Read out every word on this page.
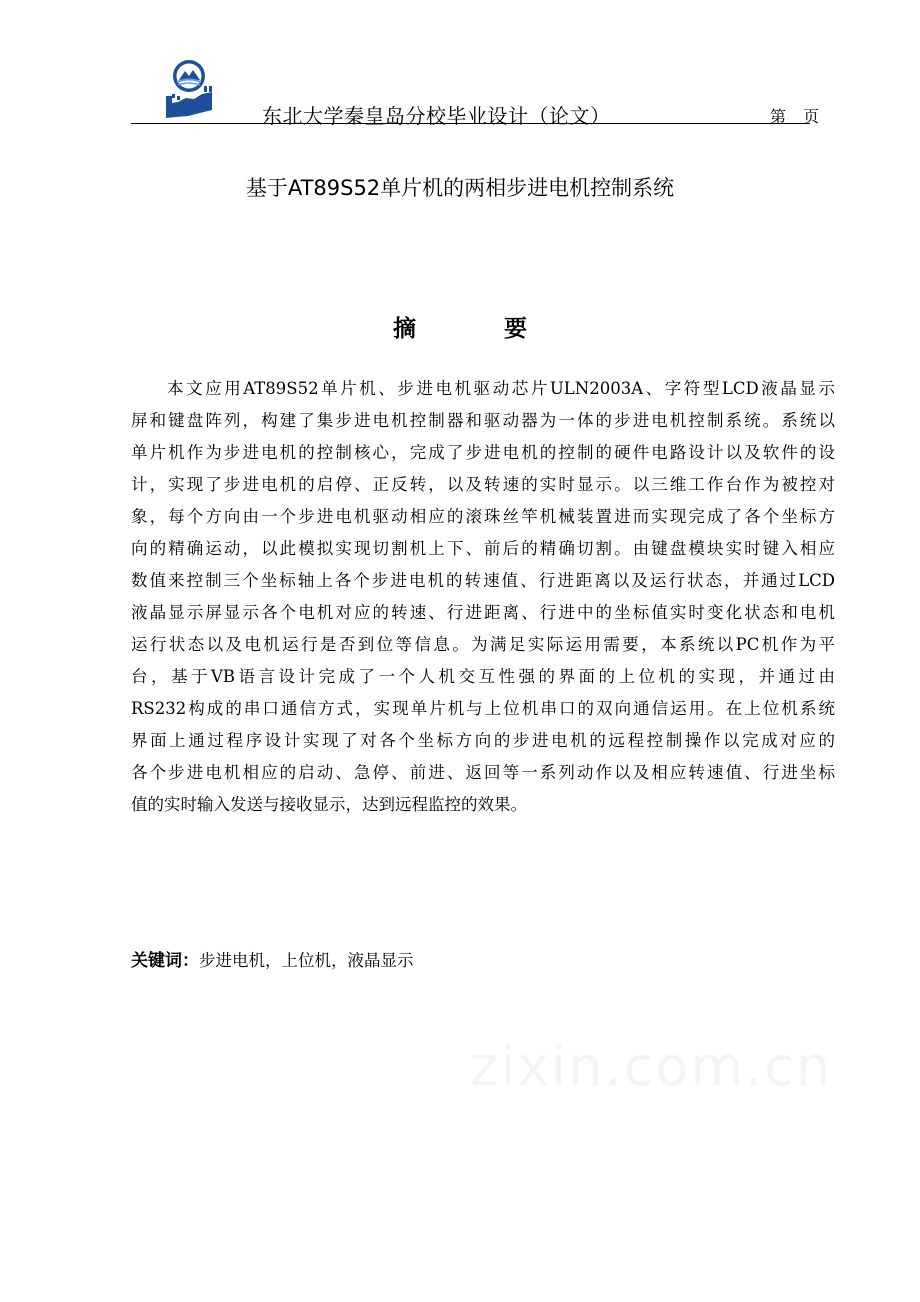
东北大学秦皇岛分校毕业设计（论文）	第 页
基于AT89S52单片机的两相步进电机控制系统
摘 要
本文应用AT89S52单片机、步进电机驱动芯片ULN2003A、字符型LCD液晶显示
屏和键盘阵列，构建了集步进电机控制器和驱动器为一体的步进电机控制系统。系统以
单片机作为步进电机的控制核心，完成了步进电机的控制的硬件电路设计以及软件的设
计，实现了步进电机的启停、正反转，以及转速的实时显示。以三维工作台作为被控对
象，每个方向由一个步进电机驱动相应的滚珠丝竿机械装置进而实现完成了各个坐标方
向的精确运动，以此模拟实现切割机上下、前后的精确切割。由键盘模块实时键入相应
数值来控制三个坐标轴上各个步进电机的转速值、行进距离以及运行状态，并通过LCD
液晶显示屏显示各个电机对应的转速、行进距离、行进中的坐标值实时变化状态和电机
运行状态以及电机运行是否到位等信息。为满足实际运用需要，本系统以PC机作为平
台，基于VB语言设计完成了一个人机交互性强的界面的上位机的实现，并通过由
RS232构成的串口通信方式，实现单片机与上位机串口的双向通信运用。在上位机系统
界面上通过程序设计实现了对各个坐标方向的步进电机的远程控制操作以完成对应的
各个步进电机相应的启动、急停、前进、返回等一系列动作以及相应转速值、行进坐标
值的实时输入发送与接收显示，达到远程监控的效果。
关键词：步进电机，上位机，液晶显示
